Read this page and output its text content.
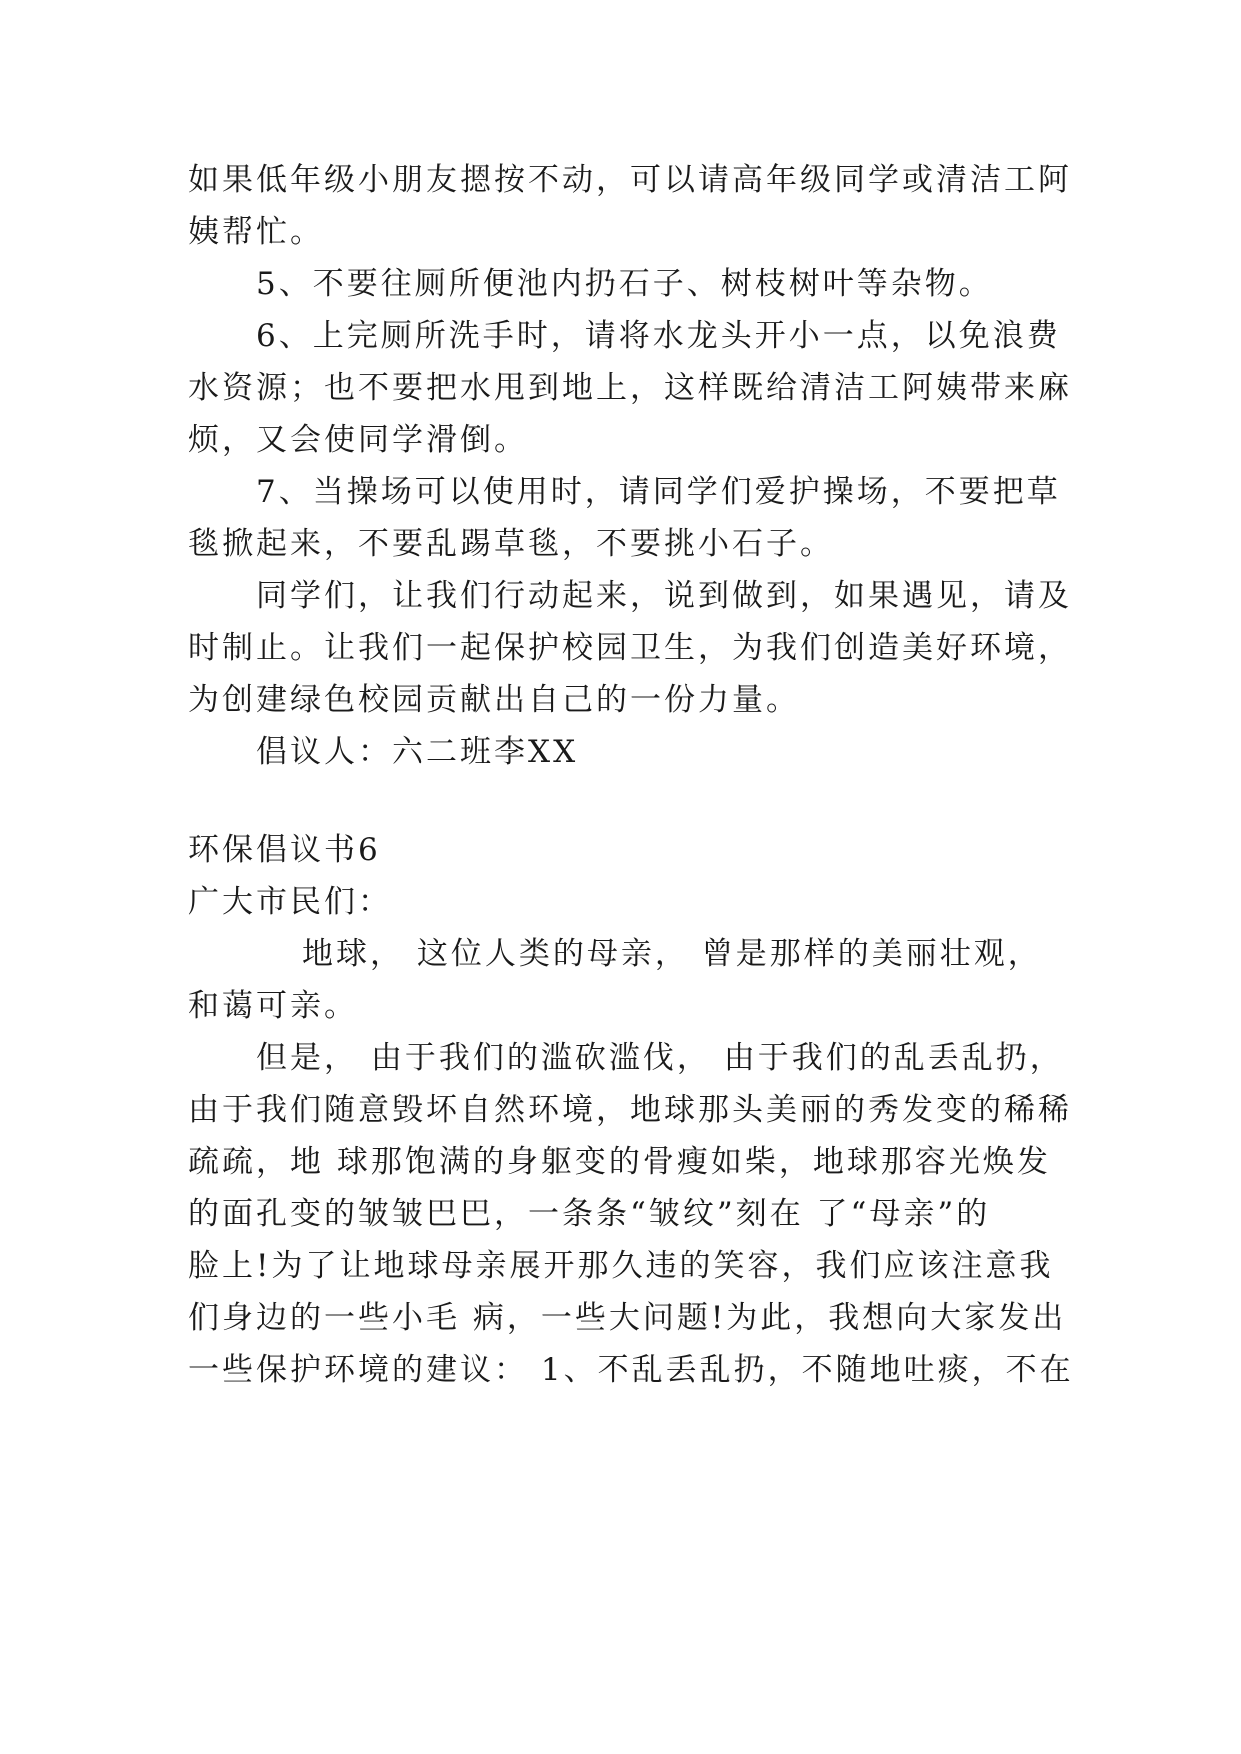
如果低年级小朋友摁按不动，可以请高年级同学或清洁工阿
姨帮忙。
5、不要往厕所便池内扔石子、树枝树叶等杂物。
6、上完厕所洗手时，请将水龙头开小一点，以免浪费
水资源；也不要把水甩到地上，这样既给清洁工阿姨带来麻
烦，又会使同学滑倒。
7、当操场可以使用时，请同学们爱护操场，不要把草
毯掀起来，不要乱踢草毯，不要挑小石子。
同学们，让我们行动起来，说到做到，如果遇见，请及
时制止。让我们一起保护校园卫生，为我们创造美好环境，
为创建绿色校园贡献出自己的一份力量。
倡议人：六二班李XX
环保倡议书6
广大市民们：
地球， 这位人类的母亲， 曾是那样的美丽壮观，
和蔼可亲。
但是， 由于我们的滥砍滥伐， 由于我们的乱丢乱扔，
由于我们随意毁坏自然环境，地球那头美丽的秀发变的稀稀
疏疏，地 球那饱满的身躯变的骨瘦如柴，地球那容光焕发
的面孔变的皱皱巴巴，一条条“皱纹”刻在 了“母亲”的
脸上!为了让地球母亲展开那久违的笑容，我们应该注意我
们身边的一些小毛 病，一些大问题!为此，我想向大家发出
一些保护环境的建议： 1、不乱丢乱扔，不随地吐痰，不在
